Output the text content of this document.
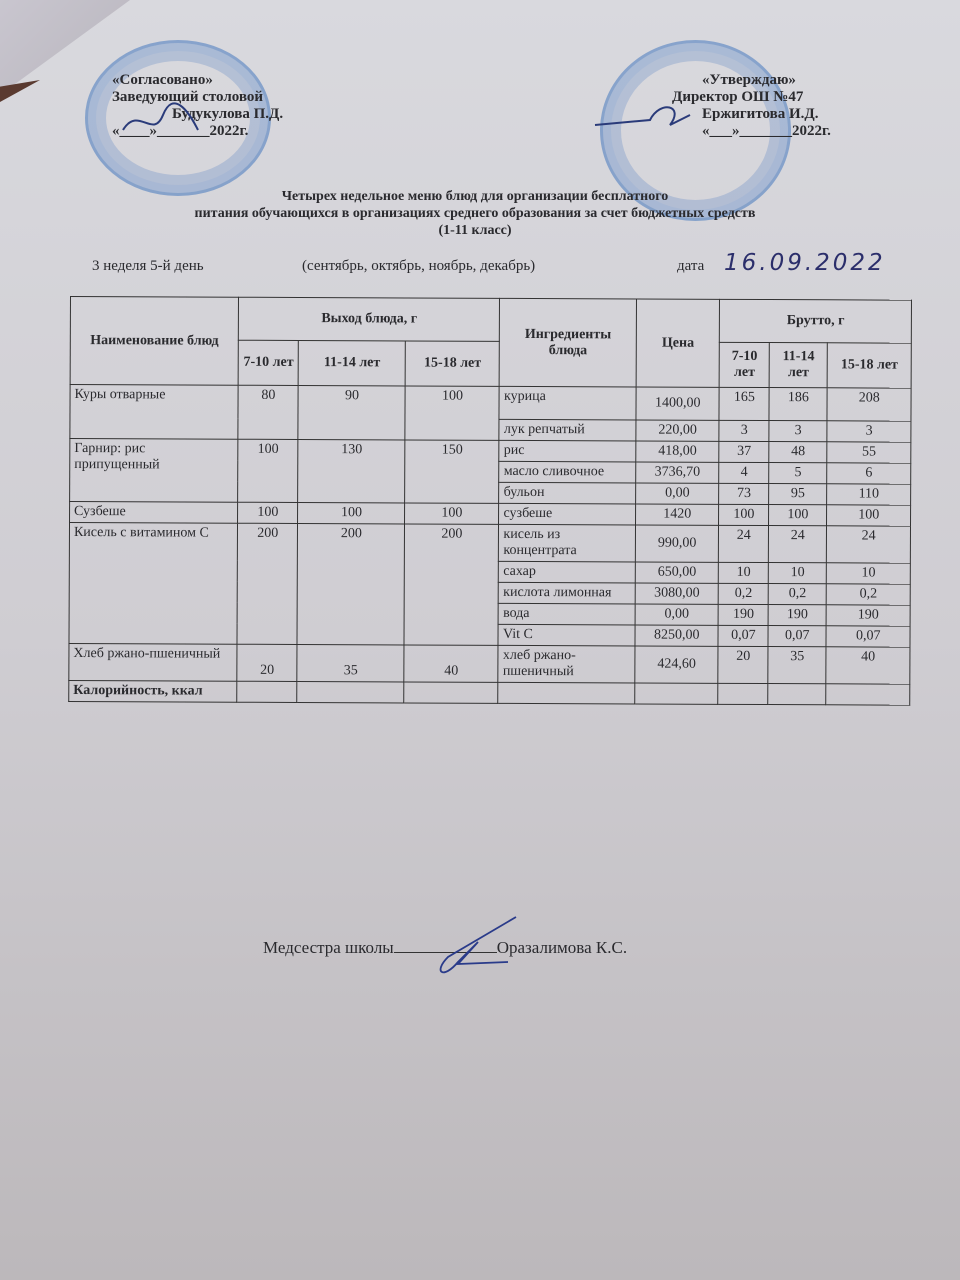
«Согласовано»
Заведующий столовой
Будукулова П.Д.
«____»_______2022г.
«Утверждаю»
Директор ОШ №47
Ержигитова И.Д.
«___»_______2022г.
Четырех недельное меню блюд для организации бесплатного
питания обучающихся в организациях среднего образования за счет бюджетных средств
(1-11 класс)
3 неделя 5-й день	(сентябрь, октябрь, ноябрь, декабрь)	дата 16.09.2022
Наименование блюд	Выход блюда, г			Ингредиенты блюда	Цена	Брутто, г		
	7-10 лет	11-14 лет	15-18 лет			7-10 лет	11-14 лет	15-18 лет
Куры отварные	80	90	100	курица	1400,00	165	186	208
				лук репчатый	220,00	3	3	3
Гарнир: рис припущенный	100	130	150	рис	418,00	37	48	55
				масло сливочное	3736,70	4	5	6
				бульон	0,00	73	95	110
Сузбеше	100	100	100	сузбеше	1420	100	100	100
Кисель с витамином С	200	200	200	кисель из концентрата	990,00	24	24	24
				сахар	650,00	10	10	10
				кислота лимонная	3080,00	0,2	0,2	0,2
				вода	0,00	190	190	190
				Vit C	8250,00	0,07	0,07	0,07
Хлеб ржано-пшеничный	20	35	40	хлеб ржано-пшеничный	424,60	20	35	40
Калорийность, ккал								
Медсестра школы	Оразалимова К.С.
